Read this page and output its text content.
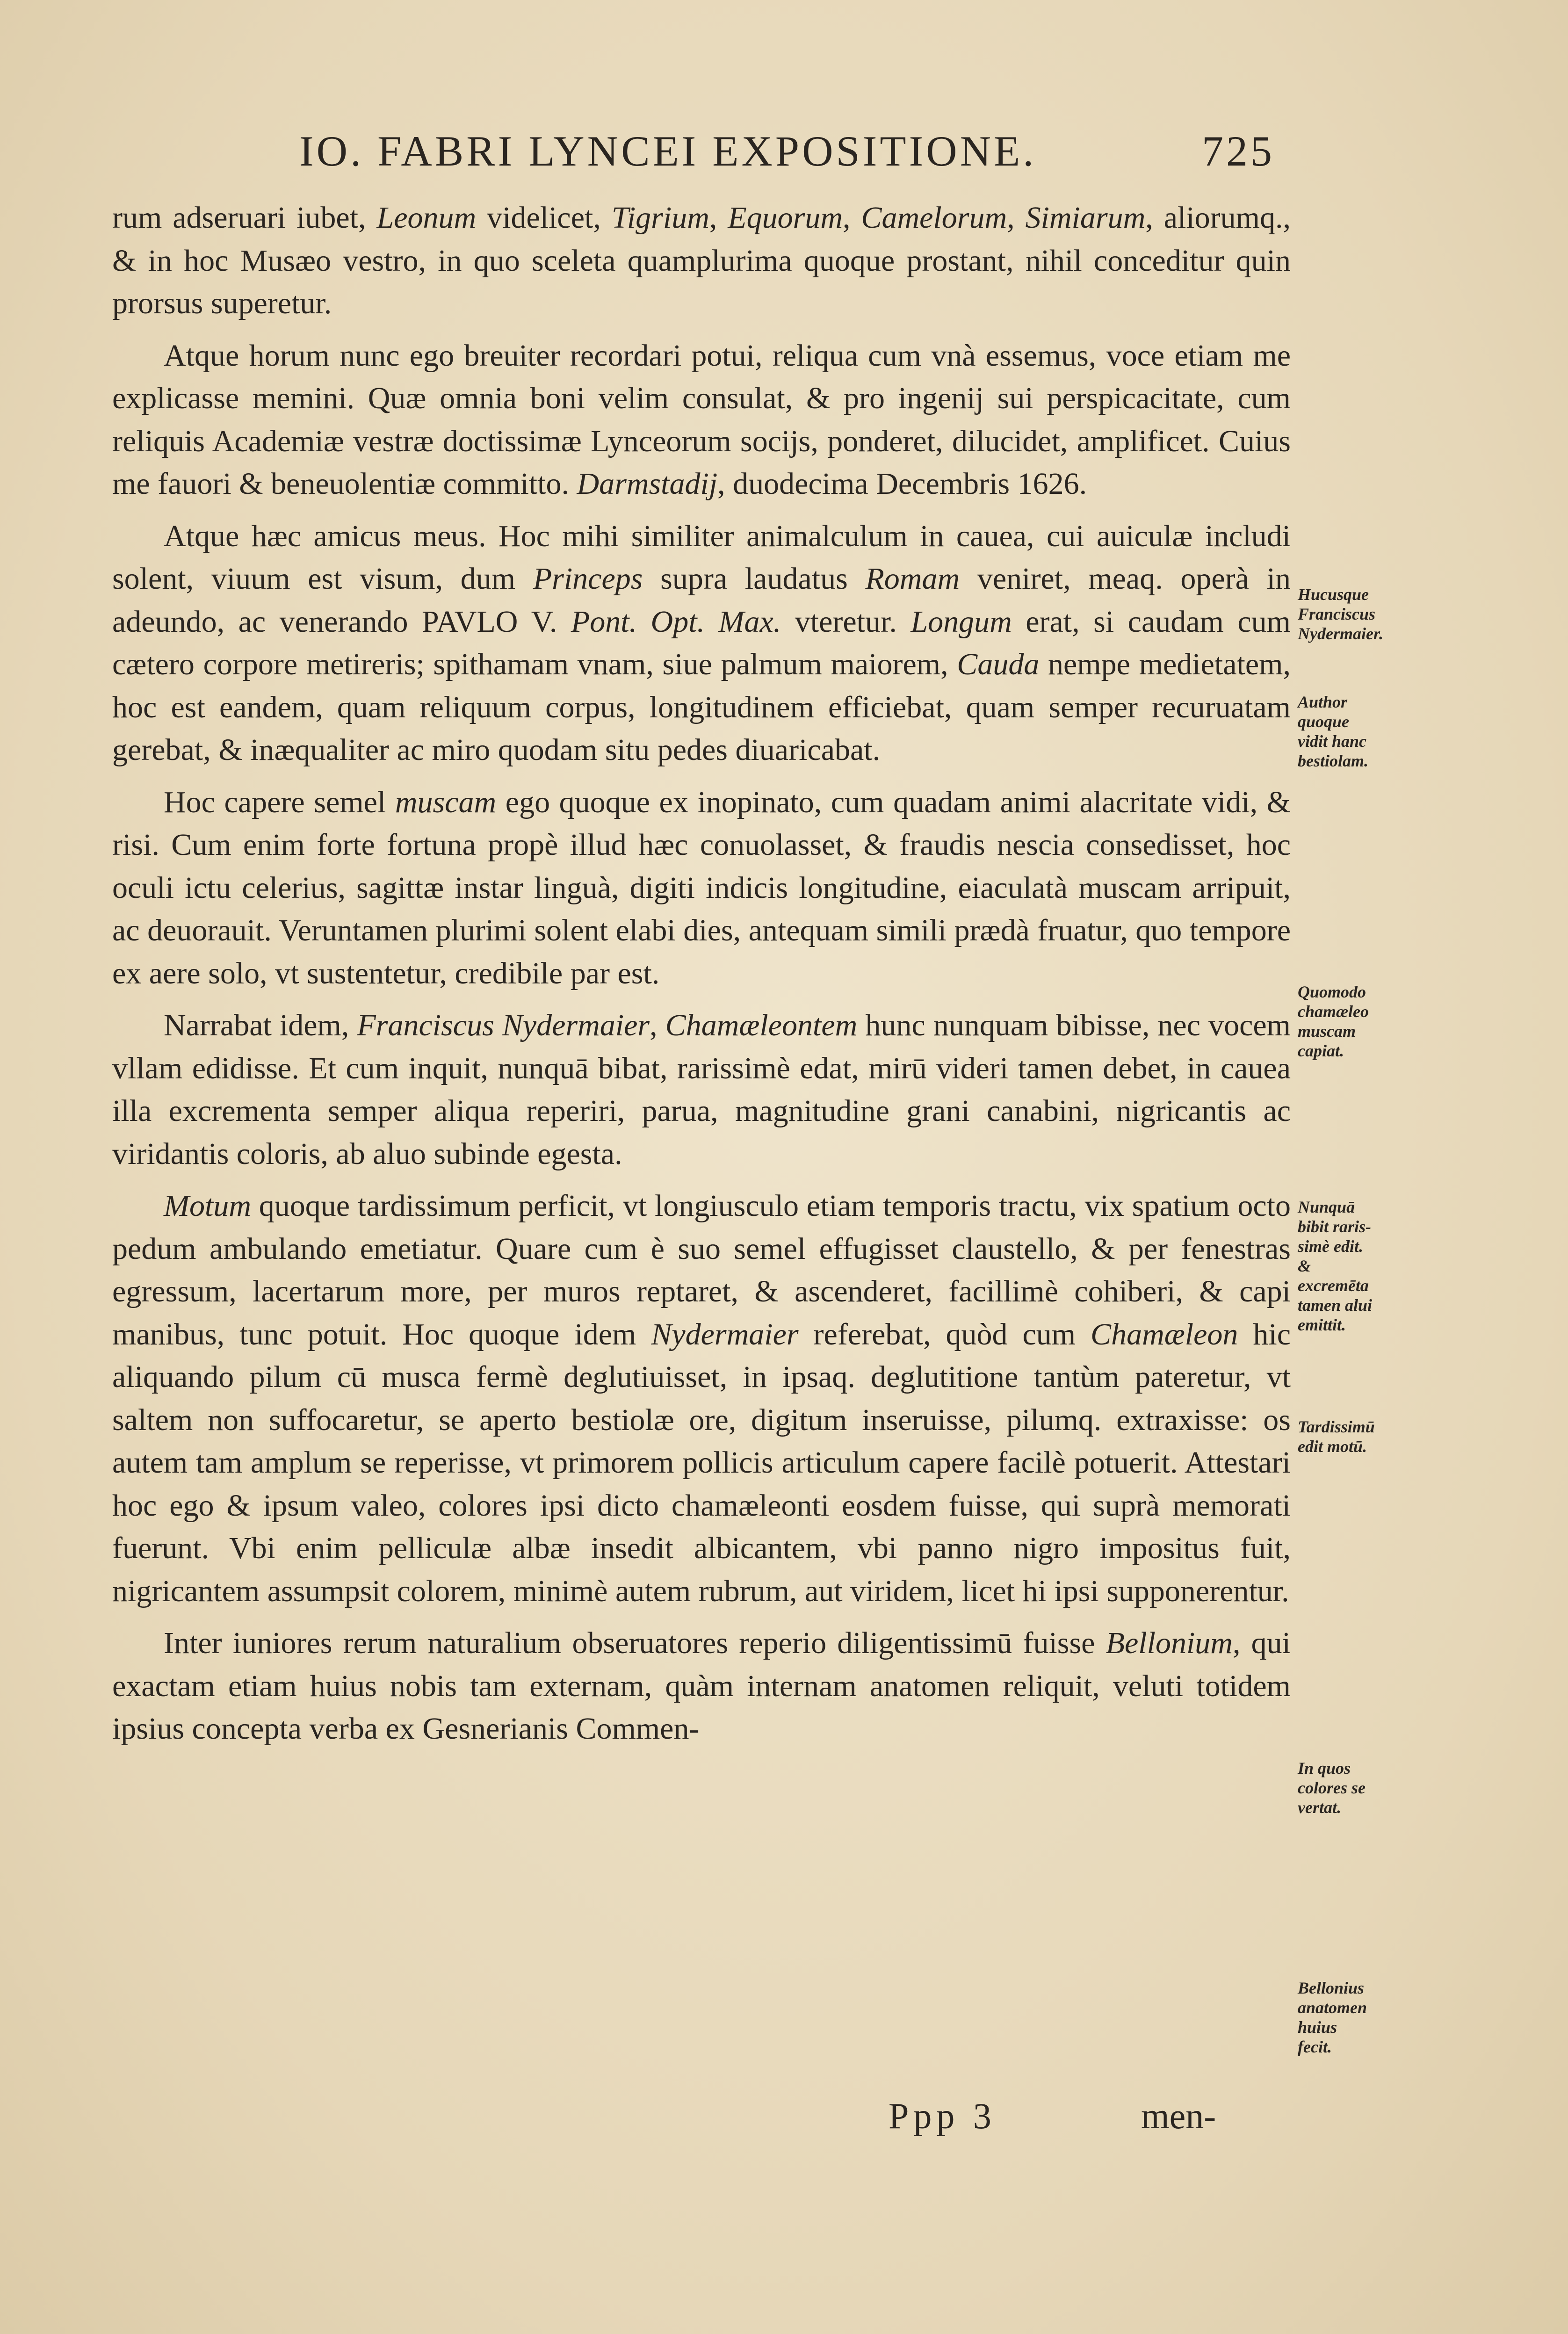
IO. FABRI LYNCEI EXPOSITIONE.	725

rum adseruari iubet, Leonum videlicet, Tigrium, Equorum, Camelorum, Simiarum, aliorumq., & in hoc Musæo vestro, in quo sceleta quamplurima quoque prostant, nihil conceditur quin prorsus superetur.

Atque horum nunc ego breuiter recordari potui, reliqua cum vnà essemus, voce etiam me explicasse memini. Quæ omnia boni velim consulat, & pro ingenij sui perspicacitate, cum reliquis Academiæ vestræ doctissimæ Lynceorum socijs, ponderet, dilucidet, amplificet. Cuius me fauori & beneuolentiæ committo. Darmstadij, duodecima Decembris 1626.

Atque hæc amicus meus. Hoc mihi similiter animalculum in cauea, cui auiculæ includi solent, viuum est visum, dum Princeps supra laudatus Romam veniret, meaq. operà in adeundo, ac venerando PAVLO V. Pont. Opt. Max. vteretur. Longum erat, si caudam cum cætero corpore metireris; spithamam vnam, siue palmum maiorem, Cauda nempe medietatem, hoc est eandem, quam reliquum corpus, longitudinem efficiebat, quam semper recuruatam gerebat, & inæqualiter ac miro quodam situ pedes diuaricabat.

Hoc capere semel muscam ego quoque ex inopinato, cum quadam animi alacritate vidi, & risi. Cum enim forte fortuna propè illud hæc conuolasset, & fraudis nescia consedisset, hoc oculi ictu celerius, sagittæ instar linguà, digiti indicis longitudine, eiaculatà muscam arripuit, ac deuorauit. Veruntamen plurimi solent elabi dies, antequam simili prædà fruatur, quo tempore ex aere solo, vt sustentetur, credibile par est.

Narrabat idem, Franciscus Nydermaier, Chamæleontem hunc nunquam bibisse, nec vocem vllam edidisse. Et cum inquit, nunquā bibat, rarissimè edat, mirū videri tamen debet, in cauea illa excrementa semper aliqua reperiri, parua, magnitudine grani canabini, nigricantis ac viridantis coloris, ab aluo subinde egesta.

Motum quoque tardissimum perficit, vt longiusculo etiam temporis tractu, vix spatium octo pedum ambulando emetiatur. Quare cum è suo semel effugisset claustello, & per fenestras egressum, lacertarum more, per muros reptaret, & ascenderet, facillimè cohiberi, & capi manibus, tunc potuit. Hoc quoque idem Nydermaier referebat, quòd cum Chamæleon hic aliquando pilum cū musca fermè deglutiuisset, in ipsaq. deglutitione tantùm pateretur, vt saltem non suffocaretur, se aperto bestiolæ ore, digitum inseruisse, pilumq. extraxisse: os autem tam amplum se reperisse, vt primorem pollicis articulum capere facilè potuerit. Attestari hoc ego & ipsum valeo, colores ipsi dicto chamæleonti eosdem fuisse, qui suprà memorati fuerunt. Vbi enim pelliculæ albæ insedit albicantem, vbi panno nigro impositus fuit, nigricantem assumpsit colorem, minimè autem rubrum, aut viridem, licet hi ipsi supponerentur.

Inter iuniores rerum naturalium obseruatores reperio diligentissimū fuisse Bellonium, qui exactam etiam huius nobis tam externam, quàm internam anatomen reliquit, veluti totidem ipsius concepta verba ex Gesnerianis Commen-

Hucusque Franciscus Nydermaier.
Author quoque vidit hanc bestiolam.
Quomodo chamæleo muscam capiat.
Nunquā bibit raris-simè edit. & excremēta tamen alui emittit.
Tardissimū edit motū.
In quos colores se vertat.
Bellonius anatomen huius fecit.
Ppp 3	men-
